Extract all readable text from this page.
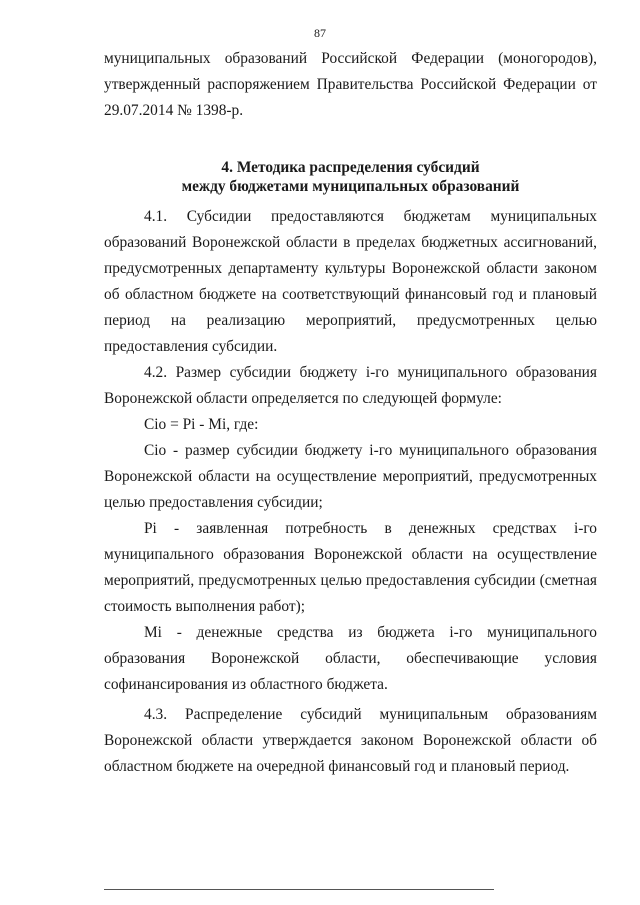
87

муниципальных образований Российской Федерации (моногородов), утвержденный распоряжением Правительства Российской Федерации от 29.07.2014 № 1398-р.

4. Методика распределения субсидий
между бюджетами муниципальных образований

4.1. Субсидии предоставляются бюджетам муниципальных образований Воронежской области в пределах бюджетных ассигнований, предусмотренных департаменту культуры Воронежской области законом об областном бюджете на соответствующий финансовый год и плановый период на реализацию мероприятий, предусмотренных целью предоставления субсидии.

4.2. Размер субсидии бюджету i-го муниципального образования Воронежской области определяется по следующей формуле:

Сio = Pi - Mi, где:

Сio - размер субсидии бюджету i-го муниципального образования Воронежской области на осуществление мероприятий, предусмотренных целью предоставления субсидии;

Pi - заявленная потребность в денежных средствах i-го муниципального образования Воронежской области на осуществление мероприятий, предусмотренных целью предоставления субсидии (сметная стоимость выполнения работ);

Mi - денежные средства из бюджета i-го муниципального образования Воронежской области, обеспечивающие условия софинансирования из областного бюджета.

4.3. Распределение субсидий муниципальным образованиям Воронежской области утверждается законом Воронежской области об областном бюджете на очередной финансовый год и плановый период.
